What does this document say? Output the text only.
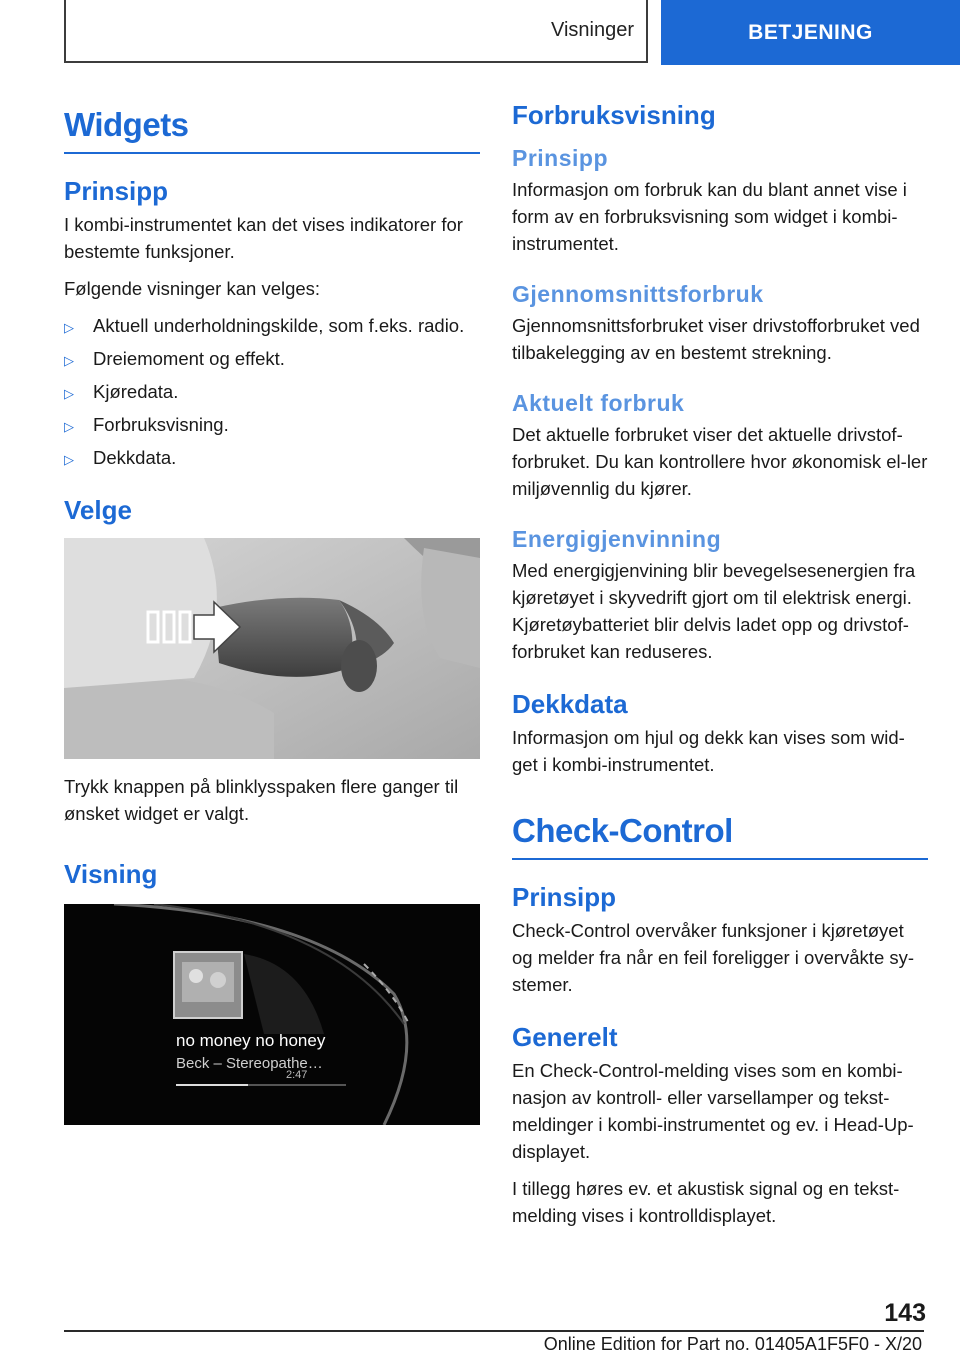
Visninger	BETJENING
Widgets
Prinsipp
I kombi-instrumentet kan det vises indikatorer for bestemte funksjoner.
Følgende visninger kan velges:
▷	Aktuell underholdningskilde, som f.eks. radio.
▷	Dreiemoment og effekt.
▷	Kjøredata.
▷	Forbruksvisning.
▷	Dekkdata.
Velge
Trykk knappen på blinklysspaken flere ganger til ønsket widget er valgt.
Visning
no money no honey
Beck – Stereopathe…
2:47
Forbruksvisning
Prinsipp
Informasjon om forbruk kan du blant annet vise i form av en forbruksvisning som widget i kombi-instrumentet.
Gjennomsnittsforbruk
Gjennomsnittsforbruket viser drivstofforbruket ved tilbakelegging av en bestemt strekning.
Aktuelt forbruk
Det aktuelle forbruket viser det aktuelle drivstof-forbruket. Du kan kontrollere hvor økonomisk el-ler miljøvennlig du kjører.
Energigjenvinning
Med energigjenvining blir bevegelsesenergien fra kjøretøyet i skyvedrift gjort om til elektrisk energi. Kjøretøybatteriet blir delvis ladet opp og drivstof-forbruket kan reduseres.
Dekkdata
Informasjon om hjul og dekk kan vises som wid-get i kombi-instrumentet.
Check-Control
Prinsipp
Check-Control overvåker funksjoner i kjøretøyet og melder fra når en feil foreligger i overvåkte sy-stemer.
Generelt
En Check-Control-melding vises som en kombi-nasjon av kontroll- eller varsellamper og tekst-meldinger i kombi-instrumentet og ev. i Head-Up-displayet.
I tillegg høres ev. et akustisk signal og en tekst-melding vises i kontrolldisplayet.
143
Online Edition for Part no. 01405A1F5F0 - X/20
